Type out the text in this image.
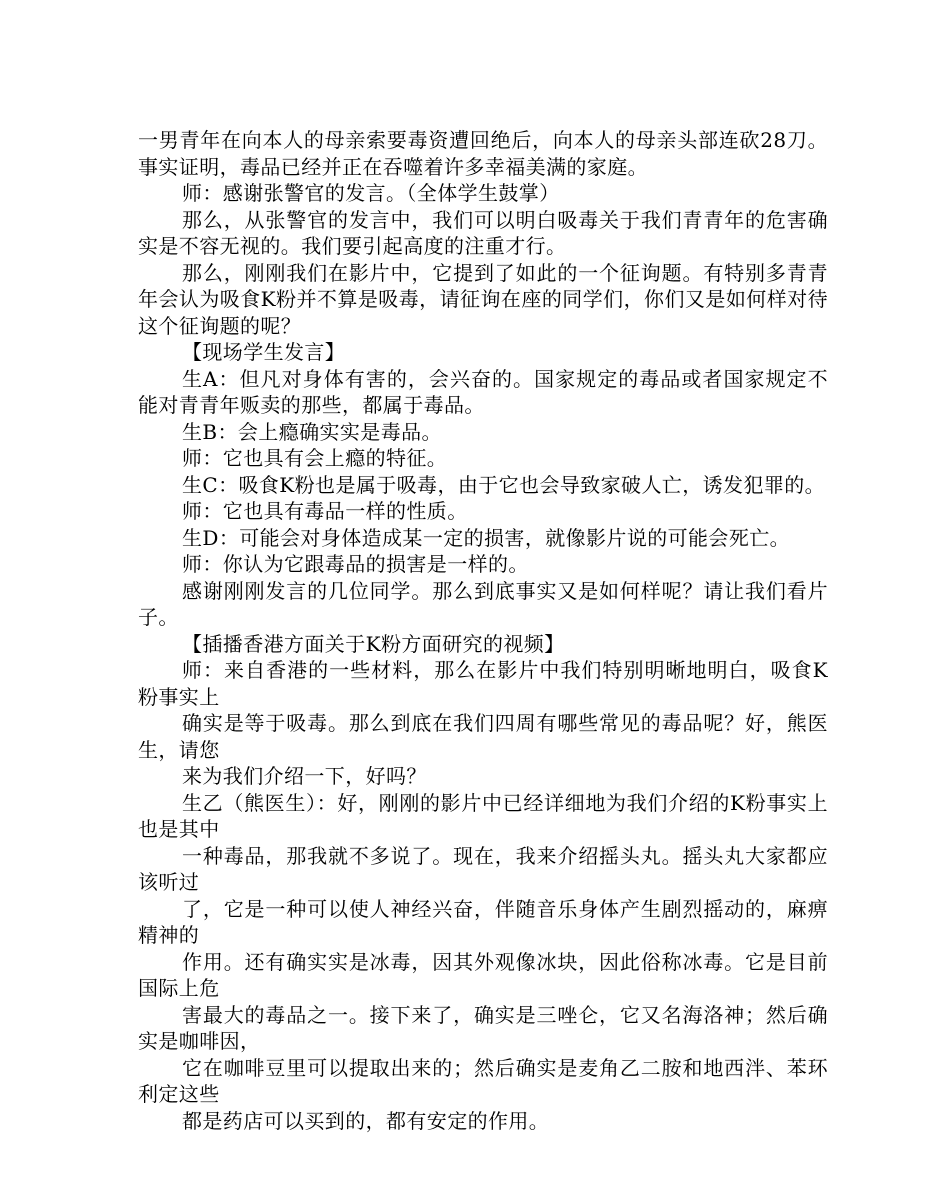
一男青年在向本人的母亲索要毒资遭回绝后，向本人的母亲头部连砍28刀。事实证明，毒品已经并正在吞噬着许多幸福美满的家庭。

师：感谢张警官的发言。（全体学生鼓掌）

那么，从张警官的发言中，我们可以明白吸毒关于我们青青年的危害确实是不容无视的。我们要引起高度的注重才行。

那么，刚刚我们在影片中，它提到了如此的一个征询题。有特别多青青年会认为吸食K粉并不算是吸毒，请征询在座的同学们，你们又是如何样对待这个征询题的呢？

【现场学生发言】

生A：但凡对身体有害的，会兴奋的。国家规定的毒品或者国家规定不能对青青年贩卖的那些，都属于毒品。

生B：会上瘾确实实是毒品。

师：它也具有会上瘾的特征。

生C：吸食K粉也是属于吸毒，由于它也会导致家破人亡，诱发犯罪的。

师：它也具有毒品一样的性质。

生D：可能会对身体造成某一定的损害，就像影片说的可能会死亡。

师：你认为它跟毒品的损害是一样的。

感谢刚刚发言的几位同学。那么到底事实又是如何样呢？请让我们看片子。

【插播香港方面关于K粉方面研究的视频】

师：来自香港的一些材料，那么在影片中我们特别明晰地明白，吸食K粉事实上

确实是等于吸毒。那么到底在我们四周有哪些常见的毒品呢？好，熊医生，请您

来为我们介绍一下，好吗？

生乙（熊医生）：好，刚刚的影片中已经详细地为我们介绍的K粉事实上也是其中

一种毒品，那我就不多说了。现在，我来介绍摇头丸。摇头丸大家都应该听过

了，它是一种可以使人神经兴奋，伴随音乐身体产生剧烈摇动的，麻痹精神的

作用。还有确实实是冰毒，因其外观像冰块，因此俗称冰毒。它是目前国际上危

害最大的毒品之一。接下来了，确实是三唑仑，它又名海洛神；然后确实是咖啡因，

它在咖啡豆里可以提取出来的；然后确实是麦角乙二胺和地西泮、苯环利定这些

都是药店可以买到的，都有安定的作用。
